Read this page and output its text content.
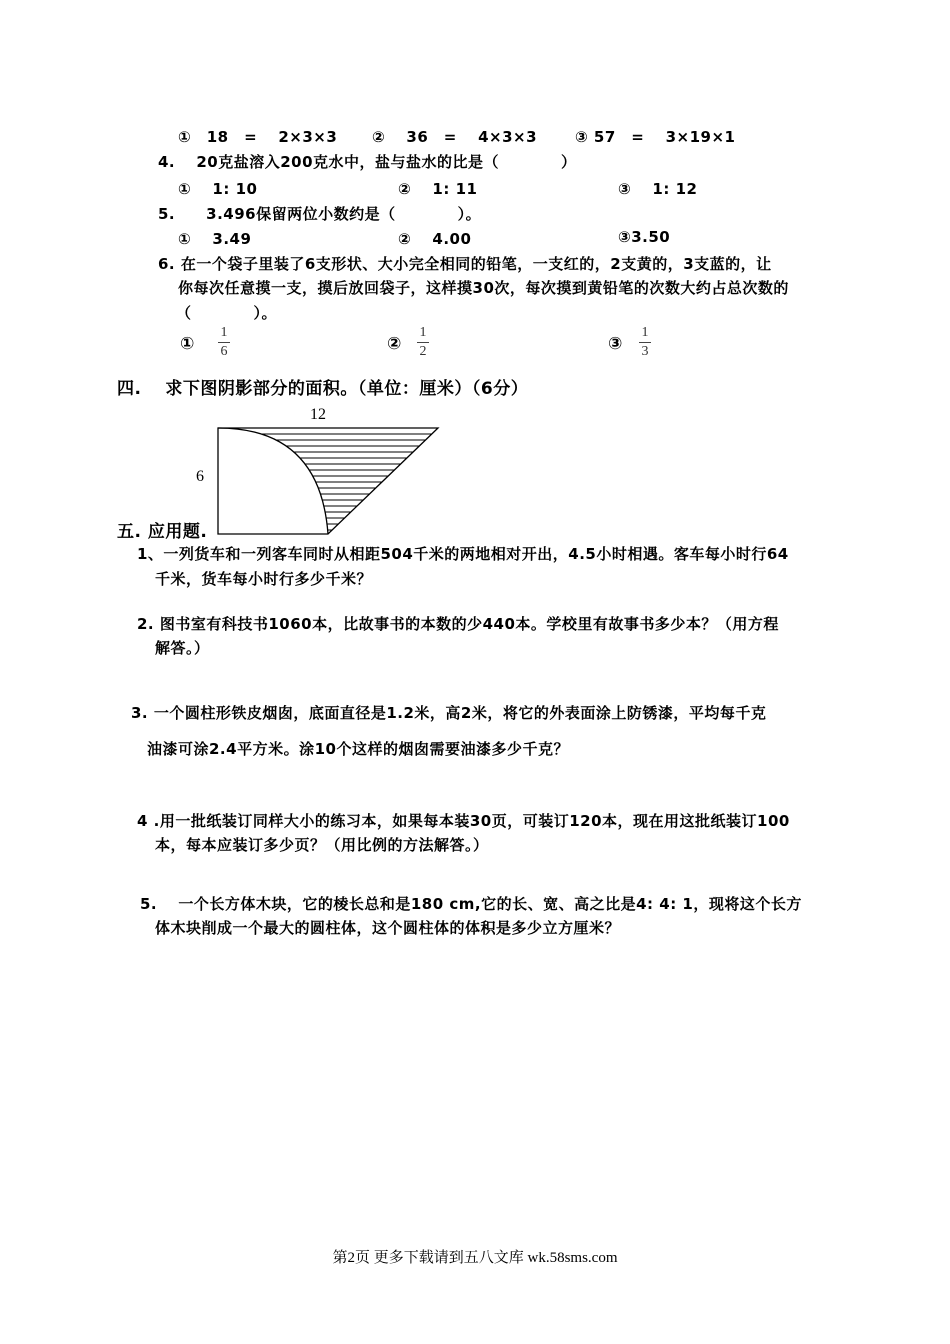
①　18　=　 2×3×3 ②　 36　=　 4×3×3	③ 57　=　 3×19×1
4.　 20克盐溶入200克水中，盐与盐水的比是（　　　　）
①　 1: 10	②　 1: 11	③　 1: 12
5.　　3.496保留两位小数约是（　　　　）。
①　 3.49	②　 4.00	③3.50
6. 在一个袋子里装了6支形状、大小完全相同的铅笔，一支红的，2支黄的，3支蓝的，让
你每次任意摸一支，摸后放回袋子，这样摸30次，每次摸到黄铅笔的次数大约占总次数的
（　　　　）。
①
1
6	②
1
2	③
1
3
四.　 求下图阴影部分的面积。（单位：厘米）（6分）
12
6
五. 应用题.
1、一列货车和一列客车同时从相距504千米的两地相对开出，4.5小时相遇。客车每小时行64
千米，货车每小时行多少千米？
2. 图书室有科技书1060本，比故事书的本数的少440本。学校里有故事书多少本？（用方程
解答。）
3. 一个圆柱形铁皮烟囱，底面直径是1.2米，高2米，将它的外表面涂上防锈漆，平均每千克
油漆可涂2.4平方米。涂10个这样的烟囱需要油漆多少千克？
4 .用一批纸装订同样大小的练习本，如果每本装30页，可装订120本，现在用这批纸装订100
本，每本应装订多少页？（用比例的方法解答。）
5.　 一个长方体木块，它的棱长总和是180 cm,它的长、宽、高之比是4: 4: 1，现将这个长方
体木块削成一个最大的圆柱体，这个圆柱体的体积是多少立方厘米？
第2页 更多下载请到五八文库 wk.58sms.com
